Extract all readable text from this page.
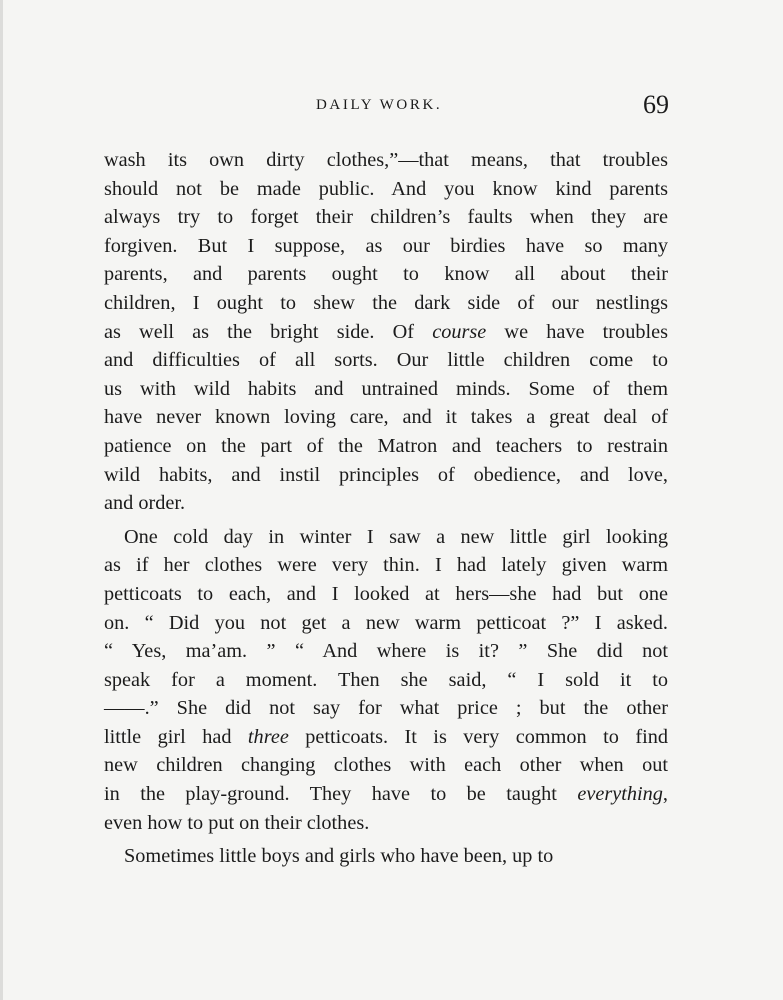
DAILY WORK.	69
wash its own dirty clothes,”—that means, that troubles
should not be made public. And you know kind parents
always try to forget their children’s faults when they are
forgiven. But I suppose, as our birdies have so many
parents, and parents ought to know all about their
children, I ought to shew the dark side of our nestlings
as well as the bright side. Of course we have troubles
and difficulties of all sorts. Our little children come to
us with wild habits and untrained minds. Some of them
have never known loving care, and it takes a great deal of
patience on the part of the Matron and teachers to restrain
wild habits, and instil principles of obedience, and love,
and order.
One cold day in winter I saw a new little girl looking
as if her clothes were very thin. I had lately given warm
petticoats to each, and I looked at hers—she had but one
on. “ Did you not get a new warm petticoat ?” I asked.
“ Yes, ma’am. ” “ And where is it? ” She did not
speak for a moment. Then she said, “ I sold it to
——.” She did not say for what price ; but the other
little girl had three petticoats. It is very common to find
new children changing clothes with each other when out
in the play-ground. They have to be taught everything,
even how to put on their clothes.
Sometimes little boys and girls who have been, up to
